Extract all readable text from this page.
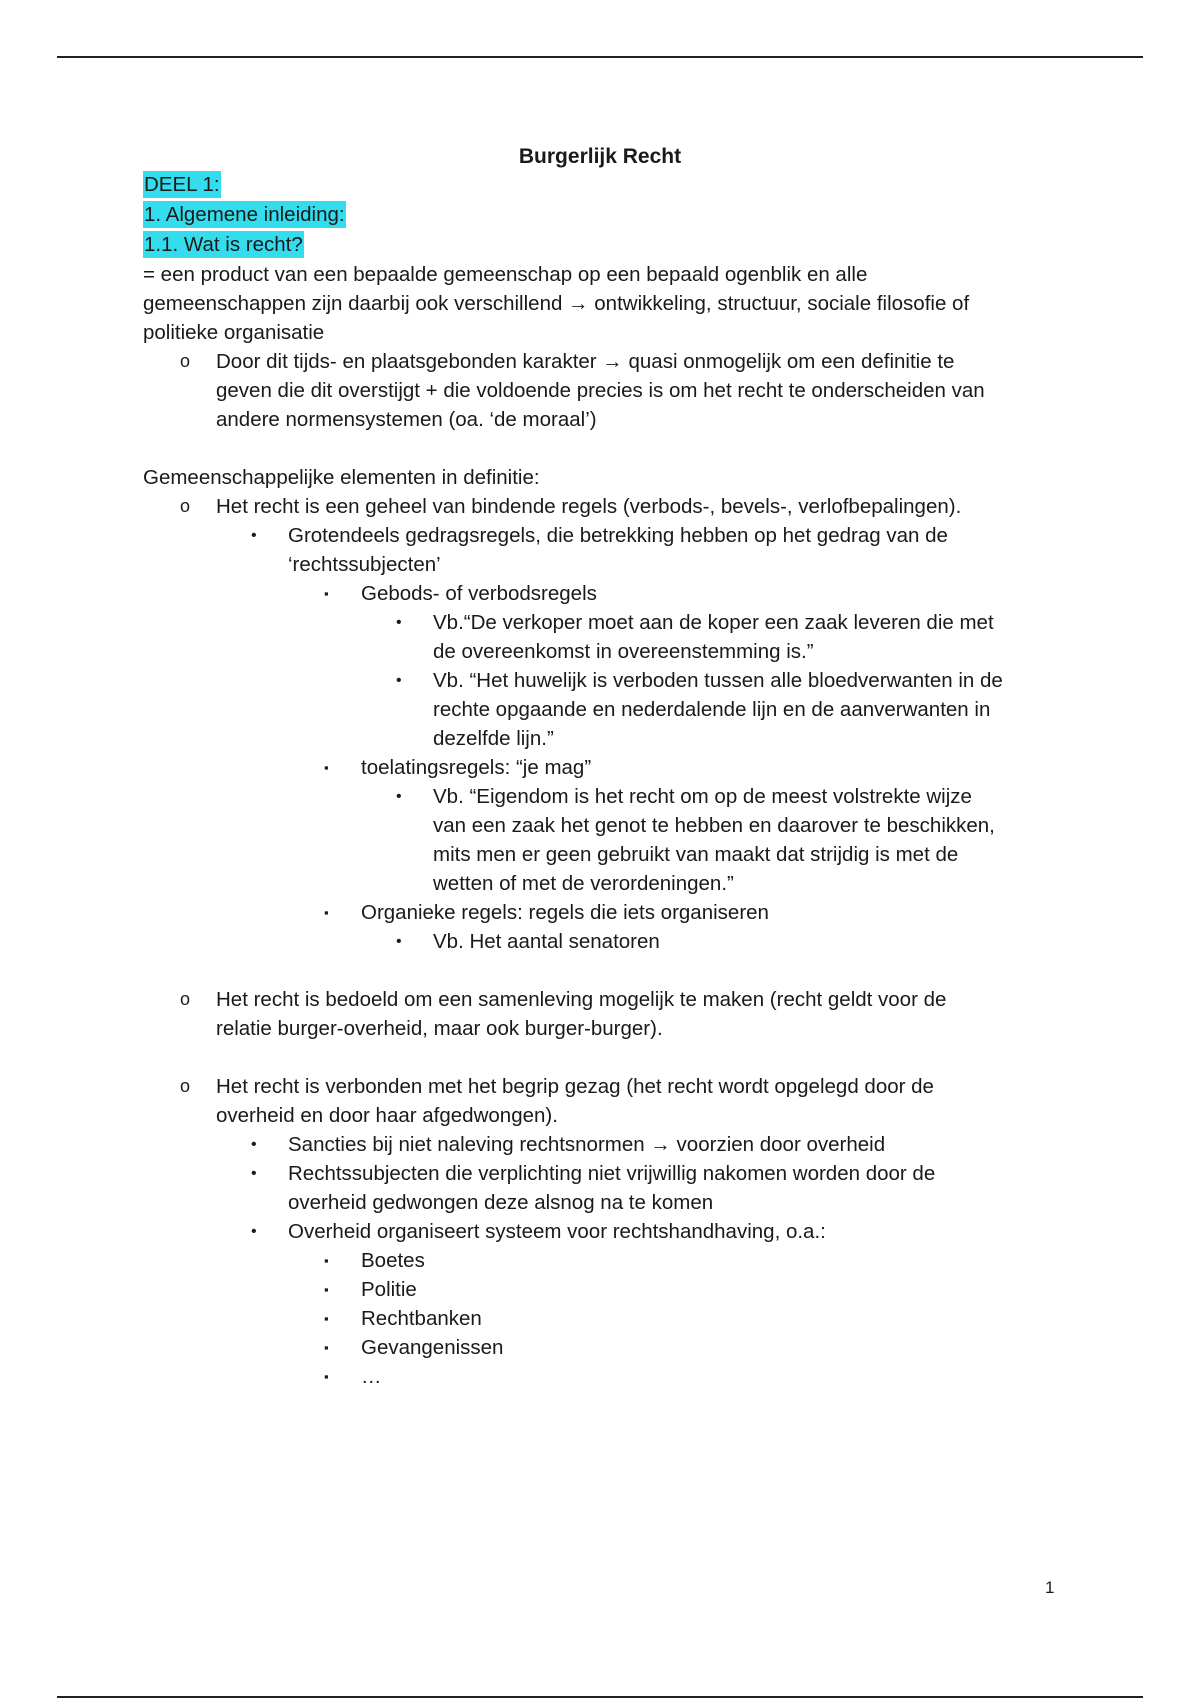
Burgerlijk Recht
DEEL 1:
1. Algemene inleiding:
1.1. Wat is recht?
= een product van een bepaalde gemeenschap op een bepaald ogenblik en alle
gemeenschappen zijn daarbij ook verschillend → ontwikkeling, structuur, sociale filosofie of
politieke organisatie
o Door dit tijds- en plaatsgebonden karakter → quasi onmogelijk om een definitie te
geven die dit overstijgt + die voldoende precies is om het recht te onderscheiden van
andere normensystemen (oa. ‘de moraal’)
Gemeenschappelijke elementen in definitie:
o Het recht is een geheel van bindende regels (verbods-, bevels-, verlofbepalingen).
• Grotendeels gedragsregels, die betrekking hebben op het gedrag van de
‘rechtssubjecten’
▪ Gebods- of verbodsregels
• Vb.“De verkoper moet aan de koper een zaak leveren die met
de overeenkomst in overeenstemming is.”
• Vb. “Het huwelijk is verboden tussen alle bloedverwanten in de
rechte opgaande en nederdalende lijn en de aanverwanten in
dezelfde lijn.”
▪ toelatingsregels: “je mag”
• Vb. “Eigendom is het recht om op de meest volstrekte wijze
van een zaak het genot te hebben en daarover te beschikken,
mits men er geen gebruikt van maakt dat strijdig is met de
wetten of met de verordeningen.”
▪ Organieke regels: regels die iets organiseren
• Vb. Het aantal senatoren
o Het recht is bedoeld om een samenleving mogelijk te maken (recht geldt voor de
relatie burger-overheid, maar ook burger-burger).
o Het recht is verbonden met het begrip gezag (het recht wordt opgelegd door de
overheid en door haar afgedwongen).
• Sancties bij niet naleving rechtsnormen → voorzien door overheid
• Rechtssubjecten die verplichting niet vrijwillig nakomen worden door de
overheid gedwongen deze alsnog na te komen
• Overheid organiseert systeem voor rechtshandhaving, o.a.:
▪ Boetes
▪ Politie
▪ Rechtbanken
▪ Gevangenissen
▪ …
1
